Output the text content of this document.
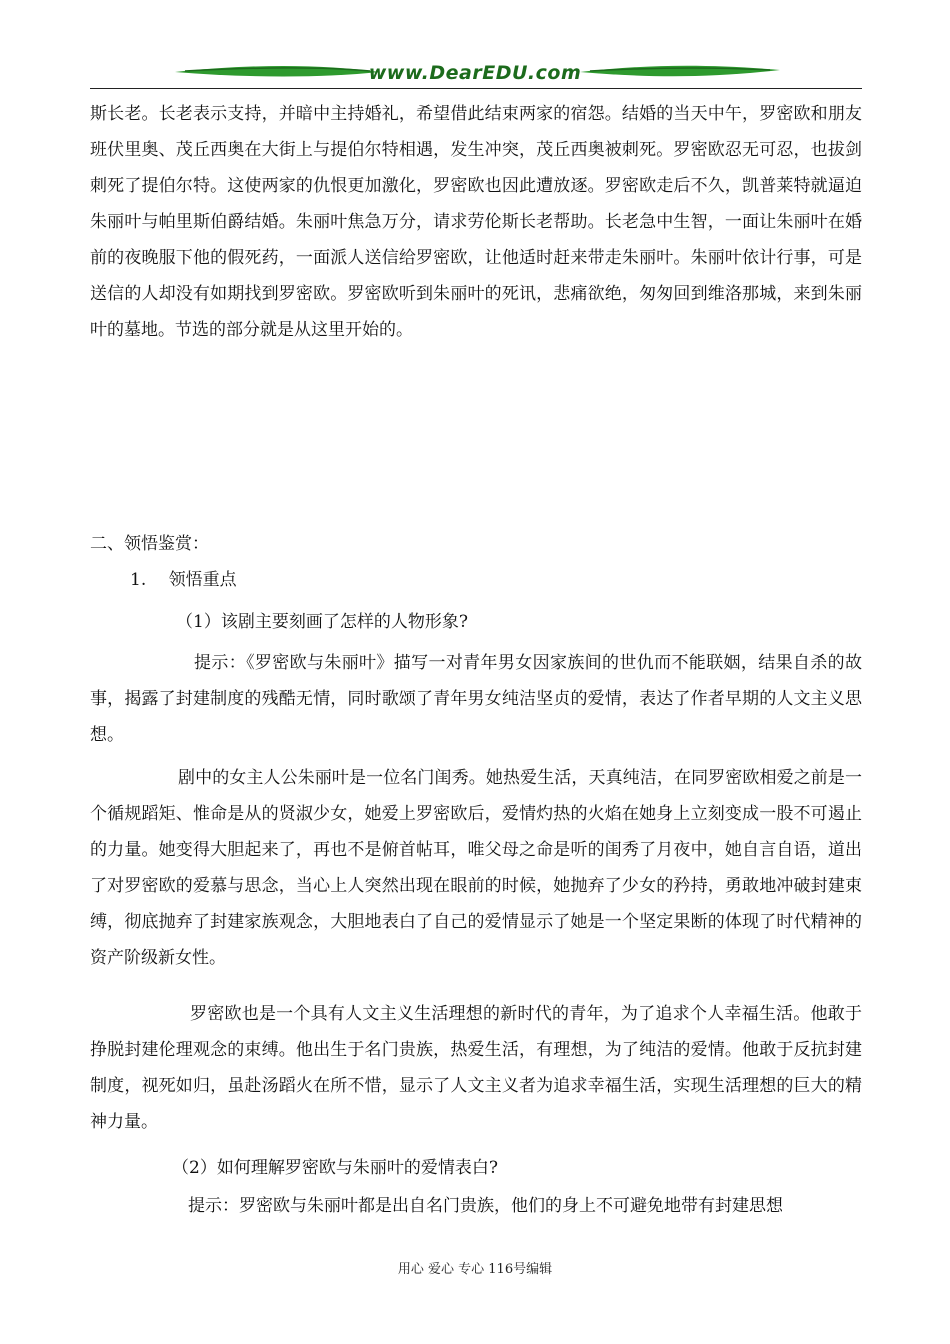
www.DearEDU.com

斯长老。长老表示支持，并暗中主持婚礼，希望借此结束两家的宿怨。结婚的当天中午，罗密欧和朋友班伏里奥、茂丘西奥在大街上与提伯尔特相遇，发生冲突，茂丘西奥被刺死。罗密欧忍无可忍，也拔剑刺死了提伯尔特。这使两家的仇恨更加激化，罗密欧也因此遭放逐。罗密欧走后不久，凯普莱特就逼迫朱丽叶与帕里斯伯爵结婚。朱丽叶焦急万分，请求劳伦斯长老帮助。长老急中生智，一面让朱丽叶在婚前的夜晚服下他的假死药，一面派人送信给罗密欧，让他适时赶来带走朱丽叶。朱丽叶依计行事，可是送信的人却没有如期找到罗密欧。罗密欧听到朱丽叶的死讯，悲痛欲绝，匆匆回到维洛那城，来到朱丽叶的墓地。节选的部分就是从这里开始的。

二、领悟鉴赏：

1.  领悟重点

（1）该剧主要刻画了怎样的人物形象?

提示：《罗密欧与朱丽叶》描写一对青年男女因家族间的世仇而不能联姻，结果自杀的故事，揭露了封建制度的残酷无情，同时歌颂了青年男女纯洁坚贞的爱情，表达了作者早期的人文主义思想。

剧中的女主人公朱丽叶是一位名门闺秀。她热爱生活，天真纯洁，在同罗密欧相爱之前是一个循规蹈矩、惟命是从的贤淑少女，她爱上罗密欧后，爱情灼热的火焰在她身上立刻变成一股不可遏止的力量。她变得大胆起来了，再也不是俯首帖耳，唯父母之命是听的闺秀了月夜中，她自言自语，道出了对罗密欧的爱慕与思念，当心上人突然出现在眼前的时候，她抛弃了少女的矜持，勇敢地冲破封建束缚，彻底抛弃了封建家族观念，大胆地表白了自己的爱情显示了她是一个坚定果断的体现了时代精神的资产阶级新女性。

罗密欧也是一个具有人文主义生活理想的新时代的青年，为了追求个人幸福生活。他敢于挣脱封建伦理观念的束缚。他出生于名门贵族，热爱生活，有理想，为了纯洁的爱情。他敢于反抗封建制度，视死如归，虽赴汤蹈火在所不惜，显示了人文主义者为追求幸福生活，实现生活理想的巨大的精神力量。

（2）如何理解罗密欧与朱丽叶的爱情表白?

提示：罗密欧与朱丽叶都是出自名门贵族，他们的身上不可避免地带有封建思想

用心 爱心 专心 116号编辑
